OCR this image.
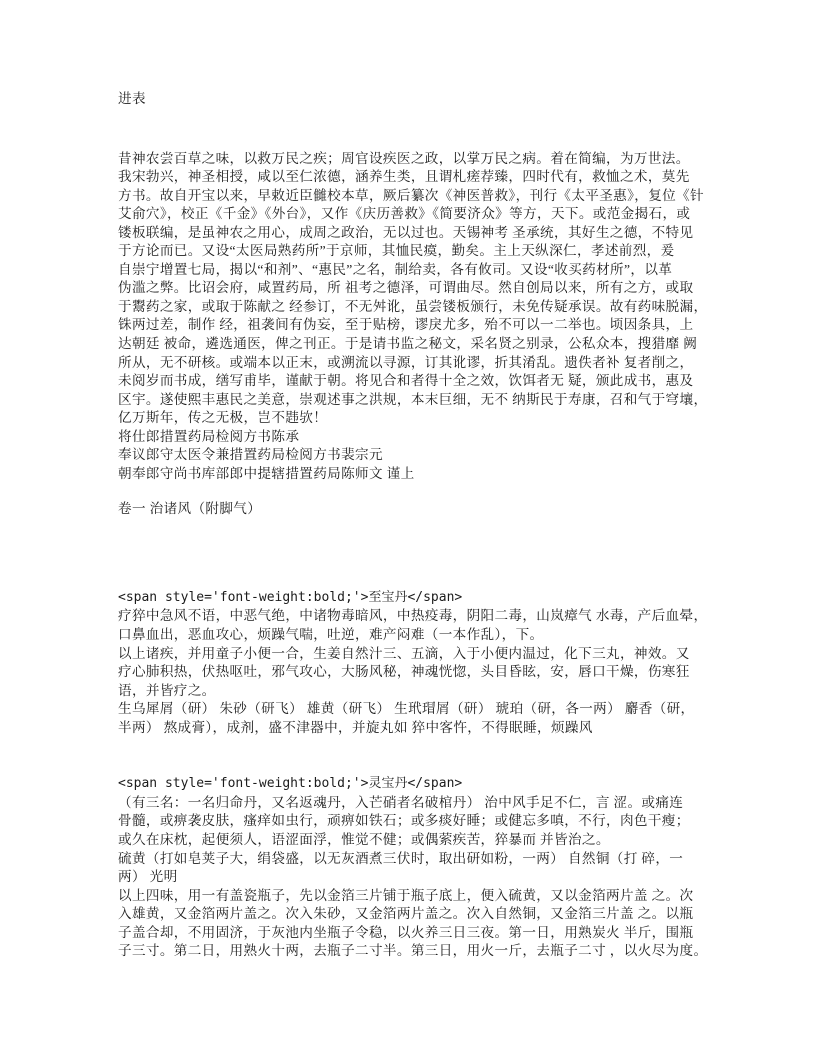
进表
昔神农尝百草之味，以救万民之疾；周官设疾医之政，以掌万民之病。着在简编，为万世法。
我宋勃兴，神圣相授，咸以至仁浓德，涵养生类，且谓札瘥荐臻，四时代有，救恤之术，莫先
方书。故自开宝以来，早敕近臣雠校本草，厥后纂次《神医普救》，刊行《太平圣惠》，复位《针
艾俞穴》，校正《千金》《外台》，又作《庆历善救》《简要济众》等方，天下。或范金揭石，或
镂板联编，是虽神农之用心，成周之政治，无以过也。天锡神考 圣承统，其好生之德，不特见
于方论而已。又设“太医局熟药所”于京师，其恤民瘼，勤矣。主上天纵深仁，孝述前烈，爰
自崇宁增置七局，揭以“和剂”、“惠民”之名，制给卖，各有攸司。又设“收买药材所”，以革
伪滥之弊。比诏会府，咸置药局，所 祖考之德泽，可谓曲尽。然自创局以来，所有之方，或取
于鬻药之家，或取于陈献之 经参订，不无舛讹，虽尝镂板颁行，未免传疑承误。故有药味脱漏，
铢两过差，制作 经，祖袭间有伪妄，至于贴榜，谬戾尤多，殆不可以一二举也。顷因条具，上
达朝廷 被命，遴选通医，俾之刊正。于是请书监之秘文，采名贤之别录，公私众本，搜猎靡 阙
所从，无不研核。或端本以正末，或溯流以寻源，订其讹谬，折其淆乱。遗佚者补 复者削之，
未阅岁而书成，缮写甫毕，谨献于朝。将见合和者得十全之效，饮饵者无 疑，颁此成书，惠及
区宇。遂使熙丰惠民之美意，崇观述事之洪规，本末巨细，无不 纳斯民于寿康，召和气于穹壤，
亿万斯年，传之无极，岂不韪欤！
将仕郎措置药局检阅方书陈承
奉议郎守太医令兼措置药局检阅方书裴宗元
朝奉郎守尚书库部郎中提辖措置药局陈师文 谨上
卷一 治诸风（附脚气）
<span style='font-weight:bold;'>至宝丹</span>
疗猝中急风不语，中恶气绝，中诸物毒暗风，中热疫毒，阴阳二毒，山岚瘴气 水毒，产后血晕，
口鼻血出，恶血攻心，烦躁气喘，吐逆，难产闷难（一本作乱），下。
以上诸疾，并用童子小便一合，生姜自然汁三、五滴，入于小便内温过，化下三丸，神效。又
疗心肺积热，伏热呕吐，邪气攻心，大肠风秘，神魂恍惚，头目昏眩，安，唇口干燥，伤寒狂
语，并皆疗之。
生乌犀屑（研） 朱砂（研飞） 雄黄（研飞） 生玳瑁屑（研） 琥珀（研，各一两） 麝香（研，
半两） 熬成膏），成剂，盛不津器中，并旋丸如 猝中客忤，不得眠睡，烦躁风
<span style='font-weight:bold;'>灵宝丹</span>
（有三名：一名归命丹，又名返魂丹，入芒硝者名破棺丹） 治中风手足不仁，言 涩。或痛连
骨髓，或痹袭皮肤，瘙痒如虫行，顽痹如铁石；或多痰好睡；或健忘多嗔，不行，肉色干瘦；
或久在床枕，起便须人，语涩面浮，惟觉不健；或偶萦疾苦，猝暴而 并皆治之。
硫黄（打如皂荚子大，绢袋盛，以无灰酒煮三伏时，取出研如粉，一两） 自然铜（打 碎，一
两） 光明
以上四味，用一有盖瓷瓶子，先以金箔三片铺于瓶子底上，便入硫黄，又以金箔两片盖 之。次
入雄黄，又金箔两片盖之。次入朱砂，又金箔两片盖之。次入自然铜，又金箔三片盖 之。以瓶
子盖合却，不用固济，于灰池内坐瓶子令稳，以火养三日三夜。第一日，用熟炭火 半斤，围瓶
子三寸。第二日，用熟火十两，去瓶子二寸半。第三日，用火一斤，去瓶子二寸 ，以火尽为度。
